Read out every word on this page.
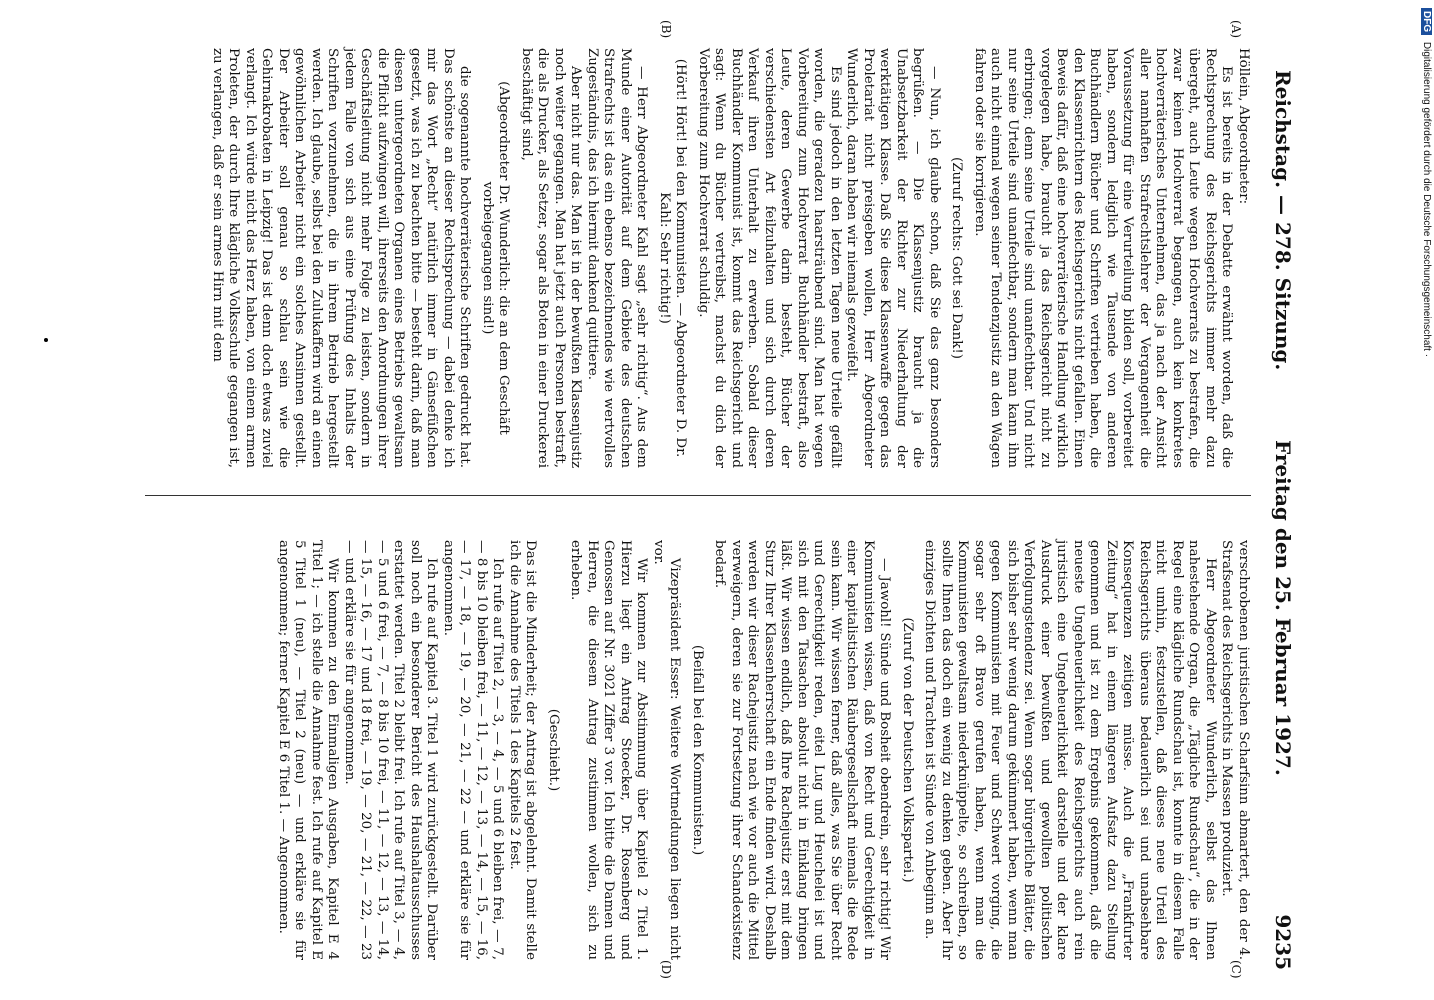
Reichstag. — 278. Sitzung.
Freitag den 25. Februar 1927.
9235
(A)
(B)
(C)
(D)

Höllein, Abgeordneter:

Es ist bereits in der Debatte erwähnt worden, daß die Rechtsprechung des Reichsgerichts immer mehr dazu übergeht, auch Leute wegen Hochverrats zu bestrafen, die zwar keinen Hochverrat begangen, auch kein konkretes hochverräterisches Unternehmen, das ja nach der Ansicht aller namhaften Strafrechtslehrer der Vergangenheit die Voraussetzung für eine Verurteilung bilden soll, vorbereitet haben, sondern lediglich wie Tausende von anderen Buchhändlern Bücher und Schriften vertrieben haben, die den Klassenrichtern des Reichsgerichts nicht gefallen. Einen Beweis dafür, daß eine hochverräterische Handlung wirklich vorgelegen habe, braucht ja das Reichsgericht nicht zu erbringen; denn seine Urteile sind unanfechtbar. Und nicht nur seine Urteile sind unanfechtbar, sondern man kann ihm auch nicht einmal wegen seiner Tendenzjustiz an den Wagen fahren oder sie korrigieren.

(Zuruf rechts: Gott sei Dank!)

— Nun, ich glaube schon, daß Sie das ganz besonders begrüßen. — Die Klassenjustiz braucht ja die Unabsetzbarkeit der Richter zur Niederhaltung der werktätigen Klasse. Daß Sie diese Klassenwaffe gegen das Proletariat nicht preisgeben wollen, Herr Abgeordneter Wunderlich, daran haben wir niemals gezweifelt.

Es sind jedoch in den letzten Tagen neue Urteile gefällt worden, die geradezu haarsträubend sind. Man hat wegen Vorbereitung zum Hochverrat Buchhändler bestraft, also Leute, deren Gewerbe darin besteht, Bücher der verschiedensten Art feilzuhalten und sich durch deren Verkauf ihren Unterhalt zu erwerben. Sobald dieser Buchhändler Kommunist ist, kommt das Reichsgericht und sagt: Wenn du Bücher vertreibst, machst du dich der Vorbereitung zum Hochverrat schuldig.

(Hört! Hört! bei den Kommunisten. — Abgeordneter D. Dr. Kahl: Sehr richtig!)

— Herr Abgeordneter Kahl sagt „sehr richtig“. Aus dem Munde einer Autorität auf dem Gebiete des deutschen Strafrechts ist das ein ebenso bezeichnendes wie wertvolles Zugeständnis, das ich hiermit dankend quittiere.

Aber nicht nur das. Man ist in der bewußten Klassenjustiz noch weiter gegangen. Man hat jetzt auch Personen bestraft, die als Drucker, als Setzer, sogar als Boten in einer Druckerei beschäftigt sind,

(Abgeordneter Dr. Wunderlich: die an dem Geschäft vorbeigegangen sind!)

die sogenannte hochverräterische Schriften gedruckt hat. Das schönste an dieser Rechtsprechung — dabei denke ich mir das Wort „Recht“ natürlich immer in Gänsefüßchen gesetzt, was ich zu beachten bitte — besteht darin, daß man diesen untergeordneten Organen eines Betriebs gewaltsam die Pflicht aufzwingen will, ihrerseits den Anordnungen ihrer Geschäftsleitung nicht mehr Folge zu leisten, sondern in jedem Falle von sich aus eine Prüfung des Inhalts der Schriften vorzunehmen, die in ihrem Betrieb hergestellt werden. Ich glaube, selbst bei den Zulukaffern wird an einen gewöhnlichen Arbeiter nicht ein solches Ansinnen gestellt. Der Arbeiter soll genau so schlau sein wie die Gehirnakrobaten in Leipzig! Das ist denn doch etwas zuviel verlangt. Ich würde nicht das Herz haben, von einem armen Proleten, der durch Ihre klägliche Volksschule gegangen ist, zu verlangen, daß er sein armes Hirn mit dem

verschrobenen juristischen Scharfsinn abmartert, den der 4. Strafsenat des Reichsgerichts in Massen produziert.

Herr Abgeordneter Wunderlich, selbst das Ihnen nahestehende Organ, die „Tägliche Rundschau“, die in der Regel eine klägliche Rundschau ist, konnte in diesem Falle nicht umhin, festzustellen, daß dieses neue Urteil des Reichsgerichts überaus bedauerlich sei und unabsehbare Konsequenzen zeitigen müsse. Auch die „Frankfurter Zeitung“ hat in einem längeren Aufsatz dazu Stellung genommen und ist zu dem Ergebnis gekommen, daß die neueste Ungeheuerlichkeit des Reichsgerichts auch rein juristisch eine Ungeheuerlichkeit darstelle und der klare Ausdruck einer bewußten und gewollten politischen Verfolgungstendenz sei. Wenn sogar bürgerliche Blätter, die sich bisher sehr wenig darum gekümmert haben, wenn man gegen Kommunisten mit Feuer und Schwert vorging, die sogar sehr oft Bravo gerufen haben, wenn man die Kommunisten gewaltsam niederknüppelte, so schreiben, so sollte Ihnen das doch ein wenig zu denken geben. Aber Ihr einziges Dichten und Trachten ist Sünde von Anbeginn an.

(Zuruf von der Deutschen Volkspartei.)

— Jawohl! Sünde und Bosheit obendrein, sehr richtig! Wir Kommunisten wissen, daß von Recht und Gerechtigkeit in einer kapitalistischen Räubergesellschaft niemals die Rede sein kann. Wir wissen ferner, daß alles, was Sie über Recht und Gerechtigkeit reden, eitel Lug und Heuchelei ist und sich mit den Tatsachen absolut nicht in Einklang bringen läßt. Wir wissen endlich, daß Ihre Rachejustiz erst mit dem Sturz Ihrer Klassenherrschaft ein Ende finden wird. Deshalb werden wir dieser Rachejustiz nach wie vor auch die Mittel verweigern, deren sie zur Fortsetzung ihrer Schandexistenz bedarf.

(Beifall bei den Kommunisten.)

Vizepräsident Esser: Weitere Wortmeldungen liegen nicht vor.

Wir kommen zur Abstimmung über Kapitel 2 Titel 1. Hierzu liegt ein Antrag Stoecker, Dr. Rosenberg und Genossen auf Nr. 3021 Ziffer 3 vor. Ich bitte die Damen und Herren, die diesem Antrag zustimmen wollen, sich zu erheben.

(Geschieht.)

Das ist die Minderheit; der Antrag ist abgelehnt. Damit stelle ich die Annahme des Titels 1 des Kapitels 2 fest.

Ich rufe auf Titel 2, — 3, — 4, — 5 und 6 bleiben frei, — 7, — 8 bis 10 bleiben frei, — 11, — 12, — 13, — 14, — 15, — 16, — 17, — 18, — 19, — 20, — 21, — 22 — und erkläre sie für angenommen.

Ich rufe auf Kapitel 3. Titel 1 wird zurückgestellt. Darüber soll noch ein besonderer Bericht des Haushaltausschusses erstattet werden. Titel 2 bleibt frei. Ich rufe auf Titel 3, — 4, — 5 und 6 frei, — 7, — 8 bis 10 frei, — 11, — 12, — 13, — 14, — 15, — 16, — 17 und 18 frei, — 19, — 20, — 21, — 22, — 23 — und erkläre sie für angenommen.

Wir kommen zu den Einmaligen Ausgaben, Kapitel E 4 Titel 1; — ich stelle die Annahme fest. Ich rufe auf Kapitel E 5 Titel 1 (neu), — Titel 2 (neu) — und erkläre sie für angenommen; ferner Kapitel E 6 Titel 1. — Angenommen.

DFG Digitalisierung gefördert durch die Deutsche Forschungsgemeinschaft ·
